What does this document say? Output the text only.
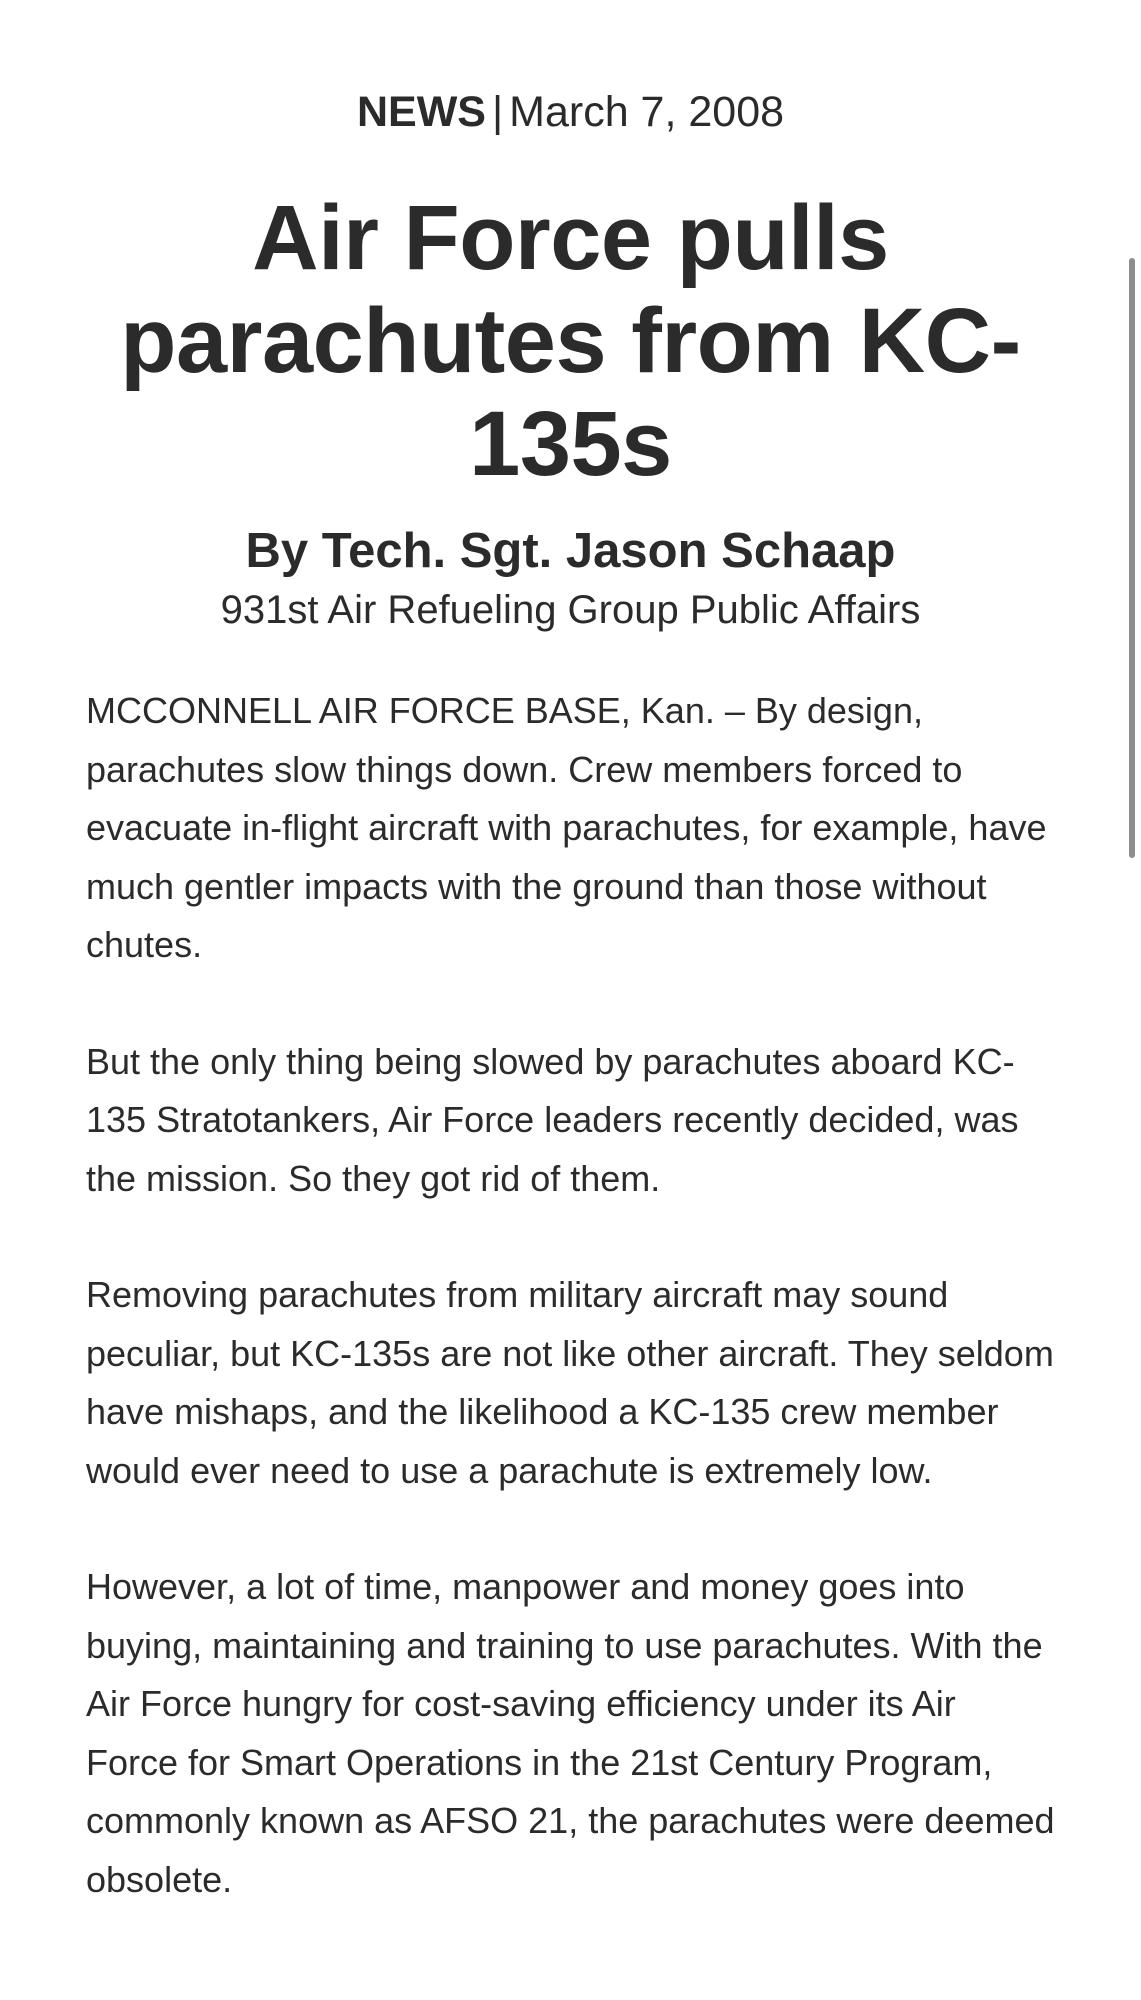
NEWS | March 7, 2008
Air Force pulls parachutes from KC-135s
By Tech. Sgt. Jason Schaap
931st Air Refueling Group Public Affairs

MCCONNELL AIR FORCE BASE, Kan. – By design, parachutes slow things down. Crew members forced to evacuate in-flight aircraft with parachutes, for example, have much gentler impacts with the ground than those without chutes.

But the only thing being slowed by parachutes aboard KC-135 Stratotankers, Air Force leaders recently decided, was the mission. So they got rid of them.

Removing parachutes from military aircraft may sound peculiar, but KC-135s are not like other aircraft. They seldom have mishaps, and the likelihood a KC-135 crew member would ever need to use a parachute is extremely low.

However, a lot of time, manpower and money goes into buying, maintaining and training to use parachutes. With the Air Force hungry for cost-saving efficiency under its Air Force for Smart Operations in the 21st Century Program, commonly known as AFSO 21, the parachutes were deemed obsolete.
